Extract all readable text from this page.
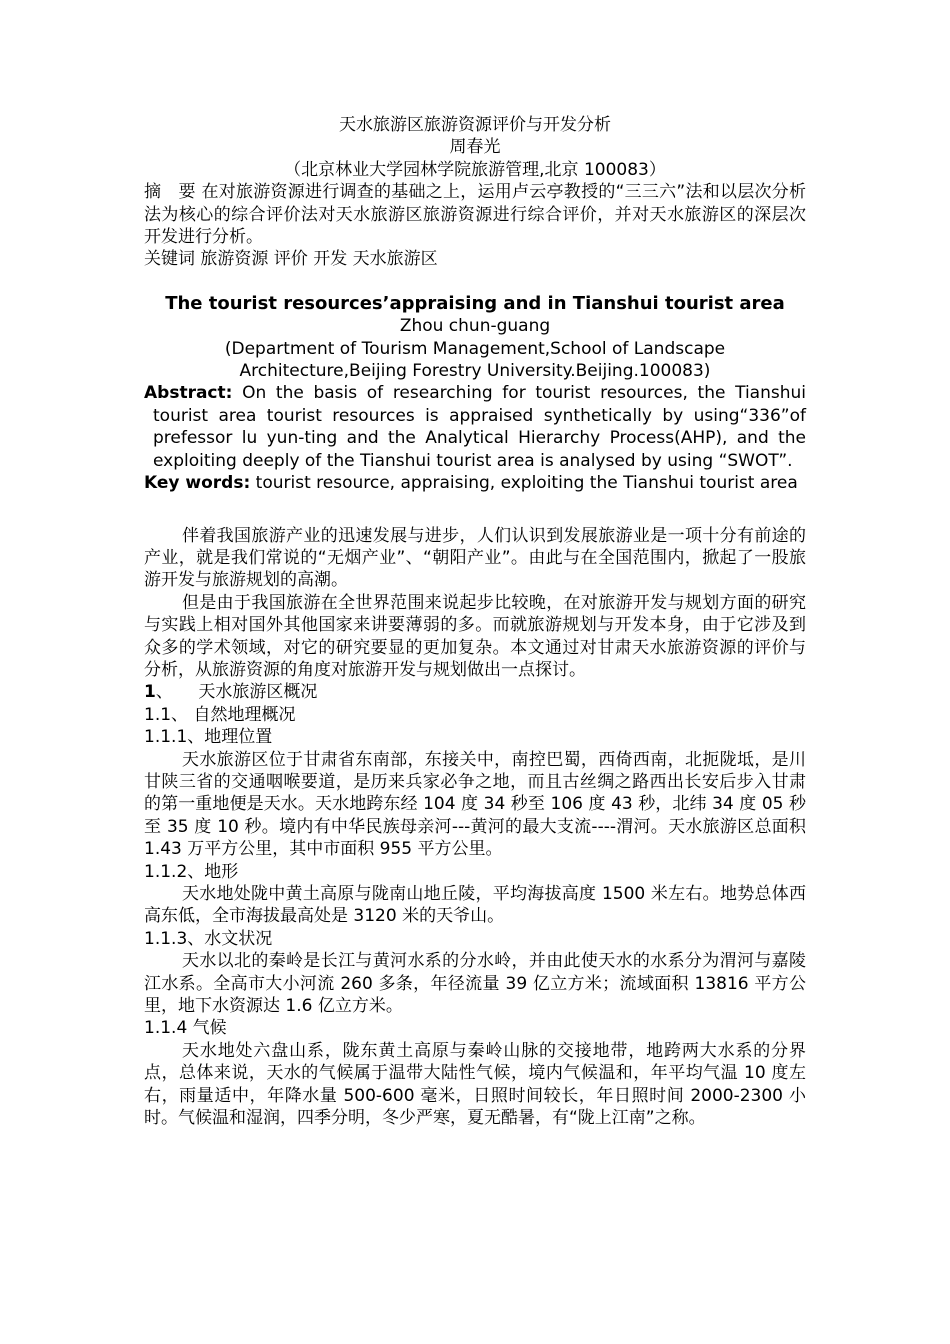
天水旅游区旅游资源评价与开发分析

周春光

（北京林业大学园林学院旅游管理,北京 100083）

摘　要 在对旅游资源进行调查的基础之上，运用卢云亭教授的“三三六”法和以层次分析法为核心的综合评价法对天水旅游区旅游资源进行综合评价，并对天水旅游区的深层次开发进行分析。

关键词 旅游资源 评价 开发 天水旅游区

The tourist resources’appraising and in Tianshui tourist area

Zhou chun-guang

(Department of Tourism Management,School of Landscape

Architecture,Beijing Forestry University.Beijing.100083)

Abstract: On the basis of researching for tourist resources, the Tianshui tourist area tourist resources is appraised synthetically by using“336”of prefessor lu yun-ting and the Analytical Hierarchy Process(AHP), and the exploiting deeply of the Tianshui tourist area is analysed by using “SWOT”.

Key words: tourist resource, appraising, exploiting the Tianshui tourist area

伴着我国旅游产业的迅速发展与进步，人们认识到发展旅游业是一项十分有前途的产业，就是我们常说的“无烟产业”、“朝阳产业”。由此与在全国范围内，掀起了一股旅游开发与旅游规划的高潮。

但是由于我国旅游在全世界范围来说起步比较晚，在对旅游开发与规划方面的研究与实践上相对国外其他国家来讲要薄弱的多。而就旅游规划与开发本身，由于它涉及到众多的学术领域，对它的研究要显的更加复杂。本文通过对甘肃天水旅游资源的评价与分析，从旅游资源的角度对旅游开发与规划做出一点探讨。

1、　　天水旅游区概况

1.1、 自然地理概况

1.1.1、地理位置

天水旅游区位于甘肃省东南部，东接关中，南控巴蜀，西倚西南，北扼陇坻，是川甘陕三省的交通咽喉要道，是历来兵家必争之地，而且古丝绸之路西出长安后步入甘肃的第一重地便是天水。天水地跨东经 104 度 34 秒至 106 度 43 秒，北纬 34 度 05 秒至 35 度 10 秒。境内有中华民族母亲河---黄河的最大支流----渭河。天水旅游区总面积 1.43 万平方公里，其中市面积 955 平方公里。

1.1.2、地形

天水地处陇中黄土高原与陇南山地丘陵，平均海拔高度 1500 米左右。地势总体西高东低，全市海拔最高处是 3120 米的天爷山。

1.1.3、水文状况

天水以北的秦岭是长江与黄河水系的分水岭，并由此使天水的水系分为渭河与嘉陵江水系。全高市大小河流 260 多条，年径流量 39 亿立方米；流域面积 13816 平方公里，地下水资源达 1.6 亿立方米。

1.1.4 气候

天水地处六盘山系，陇东黄土高原与秦岭山脉的交接地带，地跨两大水系的分界点，总体来说，天水的气候属于温带大陆性气候，境内气候温和，年平均气温 10 度左右，雨量适中，年降水量 500-600 毫米，日照时间较长，年日照时间 2000-2300 小时。气候温和湿润，四季分明，冬少严寒，夏无酷暑，有“陇上江南”之称。
